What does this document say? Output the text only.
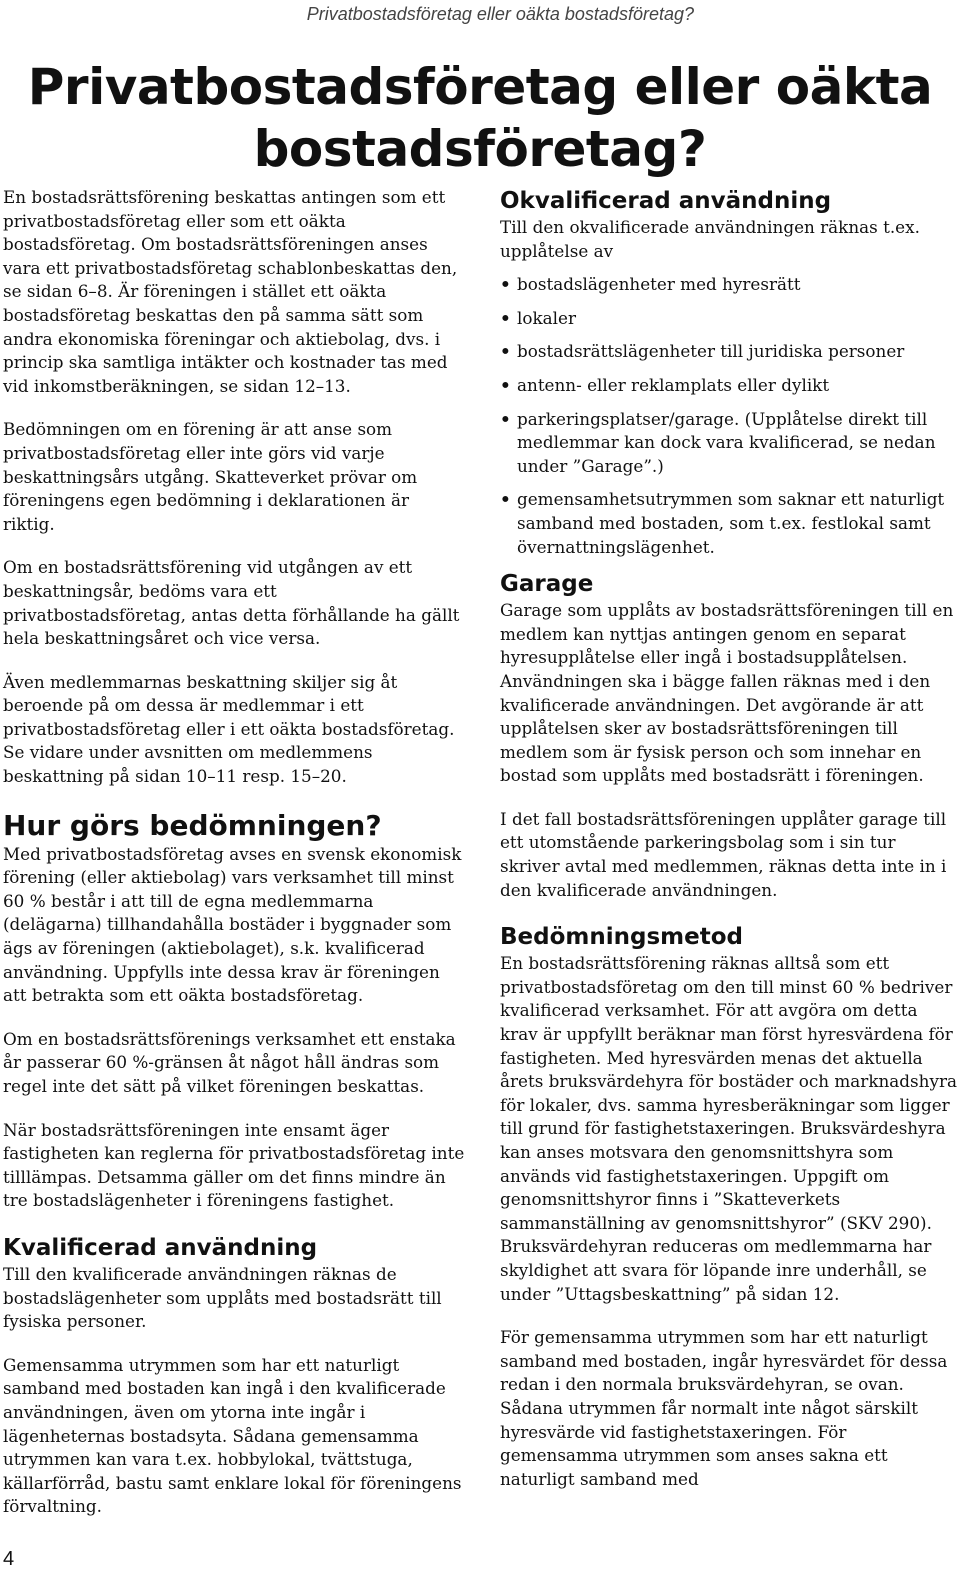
Privatbostadsföretag eller oäkta bostadsföretag?

Privatbostadsföretag eller oäkta
bostadsföretag?

En bostadsrättsförening beskattas antingen som ett privatbostadsföretag eller som ett oäkta bostadsföretag. Om bostadsrättsföreningen anses vara ett privatbostadsföretag schablonbeskattas den, se sidan 6–8. Är föreningen i stället ett oäkta bostadsföretag beskattas den på samma sätt som andra ekonomiska föreningar och aktiebolag, dvs. i princip ska samtliga intäkter och kostnader tas med vid inkomstberäkningen, se sidan 12–13.

Bedömningen om en förening är att anse som privatbostadsföretag eller inte görs vid varje beskattningsårs utgång. Skatteverket prövar om föreningens egen bedömning i deklarationen är riktig.

Om en bostadsrättsförening vid utgången av ett beskattningsår, bedöms vara ett privatbostadsföretag, antas detta förhållande ha gällt hela beskattningsåret och vice versa.

Även medlemmarnas beskattning skiljer sig åt beroende på om dessa är medlemmar i ett privatbostadsföretag eller i ett oäkta bostadsföretag. Se vidare under avsnitten om medlemmens beskattning på sidan 10–11 resp. 15–20.

Hur görs bedömningen?

Med privatbostadsföretag avses en svensk ekonomisk förening (eller aktiebolag) vars verksamhet till minst 60 % består i att till de egna medlemmarna (delägarna) tillhandahålla bostäder i byggnader som ägs av föreningen (aktiebolaget), s.k. kvalificerad användning. Uppfylls inte dessa krav är föreningen att betrakta som ett oäkta bostadsföretag.

Om en bostadsrättsförenings verksamhet ett enstaka år passerar 60 %-gränsen åt något håll ändras som regel inte det sätt på vilket föreningen beskattas.

När bostadsrättsföreningen inte ensamt äger fastigheten kan reglerna för privatbostadsföretag inte tilllämpas. Detsamma gäller om det finns mindre än tre bostadslägenheter i föreningens fastighet.

Kvalificerad användning

Till den kvalificerade användningen räknas de bostadslägenheter som upplåts med bostadsrätt till fysiska personer.

Gemensamma utrymmen som har ett naturligt samband med bostaden kan ingå i den kvalificerade användningen, även om ytorna inte ingår i lägenheternas bostadsyta. Sådana gemensamma utrymmen kan vara t.ex. hobbylokal, tvättstuga, källarförråd, bastu samt enklare lokal för föreningens förvaltning.

Okvalificerad användning

Till den okvalificerade användningen räknas t.ex. upplåtelse av

• bostadslägenheter med hyresrätt
• lokaler
• bostadsrättslägenheter till juridiska personer
• antenn- eller reklamplats eller dylikt
• parkeringsplatser/garage. (Upplåtelse direkt till medlemmar kan dock vara kvalificerad, se nedan under ”Garage”.)
• gemensamhetsutrymmen som saknar ett naturligt samband med bostaden, som t.ex. festlokal samt övernattningslägenhet.
Garage

Garage som upplåts av bostadsrättsföreningen till en medlem kan nyttjas antingen genom en separat hyresupplåtelse eller ingå i bostadsupplåtelsen. Användningen ska i bägge fallen räknas med i den kvalificerade användningen. Det avgörande är att upplåtelsen sker av bostadsrättsföreningen till medlem som är fysisk person och som innehar en bostad som upplåts med bostadsrätt i föreningen.

I det fall bostadsrättsföreningen upplåter garage till ett utomstående parkeringsbolag som i sin tur skriver avtal med medlemmen, räknas detta inte in i den kvalificerade användningen.

Bedömningsmetod

En bostadsrättsförening räknas alltså som ett privatbostadsföretag om den till minst 60 % bedriver kvalificerad verksamhet. För att avgöra om detta krav är uppfyllt beräknar man först hyresvärdena för fastigheten. Med hyresvärden menas det aktuella årets bruksvärdehyra för bostäder och marknadshyra för lokaler, dvs. samma hyresberäkningar som ligger till grund för fastighetstaxeringen. Bruksvärdeshyra kan anses motsvara den genomsnittshyra som används vid fastighetstaxeringen. Uppgift om genomsnittshyror finns i ”Skatteverkets sammanställning av genomsnittshyror” (SKV 290). Bruksvärdehyran reduceras om medlemmarna har skyldighet att svara för löpande inre underhåll, se under ”Uttagsbeskattning” på sidan 12.

För gemensamma utrymmen som har ett naturligt samband med bostaden, ingår hyresvärdet för dessa redan i den normala bruksvärdehyran, se ovan. Sådana utrymmen får normalt inte något särskilt hyresvärde vid fastighetstaxeringen. För gemensamma utrymmen som anses sakna ett naturligt samband med

4
